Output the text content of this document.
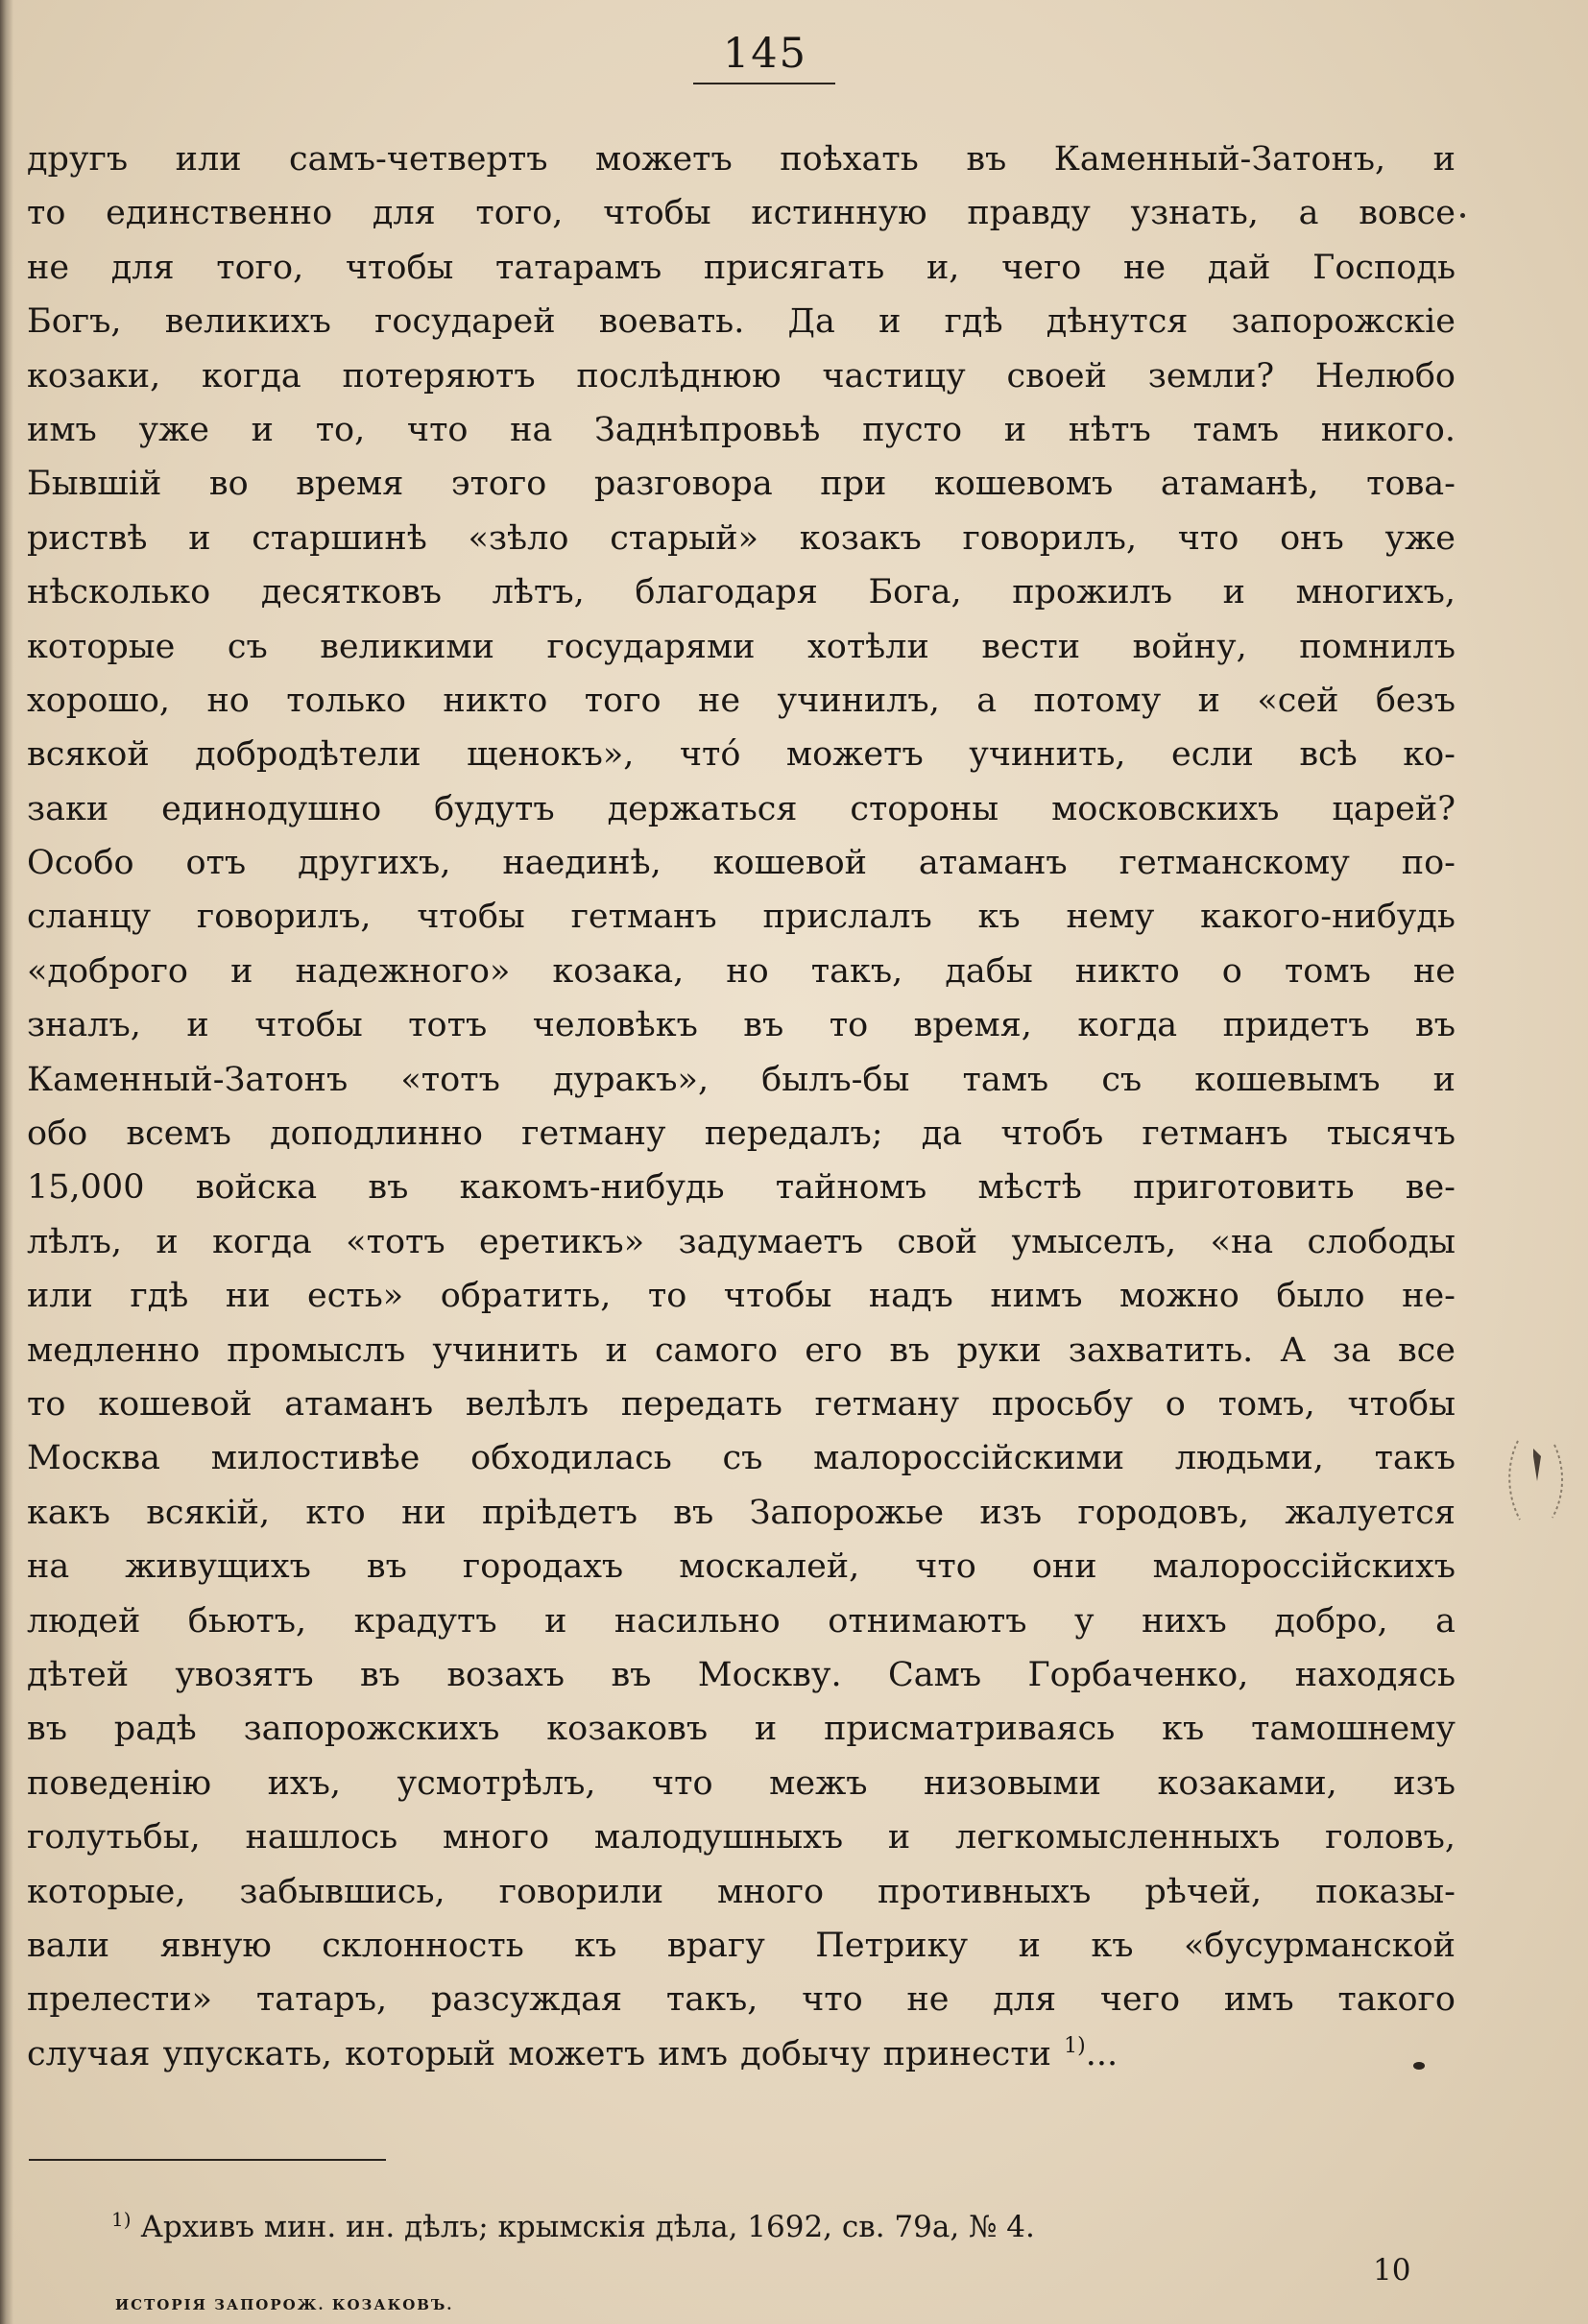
145
другъ или самъ-четвертъ можетъ поѣхать въ Каменный-Затонъ, и
то единственно для того, чтобы истинную правду узнать, а вовсе
не для того, чтобы татарамъ присягать и, чего не дай Господь
Богъ, великихъ государей воевать. Да и гдѣ дѣнутся запорожскіе
козаки, когда потеряютъ послѣднюю частицу своей земли? Нелюбо
имъ уже и то, что на Заднѣпровьѣ пусто и нѣтъ тамъ никого.
Бывшій во время этого разговора при кошевомъ атаманѣ, това-
риствѣ и старшинѣ «зѣло старый» козакъ говорилъ, что онъ уже
нѣсколько десятковъ лѣтъ, благодаря Бога, прожилъ и многихъ,
которые съ великими государями хотѣли вести войну, помнилъ
хорошо, но только никто того не учинилъ, а потому и «сей безъ
всякой добродѣтели щенокъ», что́ можетъ учинить, если всѣ ко-
заки единодушно будутъ держаться стороны московскихъ царей?
Особо отъ другихъ, наединѣ, кошевой атаманъ гетманскому по-
сланцу говорилъ, чтобы гетманъ прислалъ къ нему какого-нибудь
«доброго и надежного» козака, но такъ, дабы никто о томъ не
зналъ, и чтобы тотъ человѣкъ въ то время, когда придетъ въ
Каменный-Затонъ «тотъ дуракъ», былъ-бы тамъ съ кошевымъ и
обо всемъ доподлинно гетману передалъ; да чтобъ гетманъ тысячъ
15,000 войска въ какомъ-нибудь тайномъ мѣстѣ приготовить ве-
лѣлъ, и когда «тотъ еретикъ» задумаетъ свой умыселъ, «на слободы
или гдѣ ни есть» обратить, то чтобы надъ нимъ можно было не-
медленно промыслъ учинить и самого его въ руки захватить. А за все
то кошевой атаманъ велѣлъ передать гетману просьбу о томъ, чтобы
Москва милостивѣе обходилась съ малороссійскими людьми, такъ
какъ всякій, кто ни пріѣдетъ въ Запорожье изъ городовъ, жалуется
на живущихъ въ городахъ москалей, что они малороссійскихъ
людей бьютъ, крадутъ и насильно отнимаютъ у нихъ добро, а
дѣтей увозятъ въ возахъ въ Москву. Самъ Горбаченко, находясь
въ радѣ запорожскихъ козаковъ и присматриваясь къ тамошнему
поведенію ихъ, усмотрѣлъ, что межъ низовыми козаками, изъ
голутьбы, нашлось много малодушныхъ и легкомысленныхъ головъ,
которые, забывшись, говорили много противныхъ рѣчей, показы-
вали явную склонность къ врагу Петрику и къ «бусурманской
прелести» татаръ, разсуждая такъ, что не для чего имъ такого
случая упускать, который можетъ имъ добычу принести $^{1)}$...
$^{1)}$ Архивъ мин. ин. дѣлъ; крымскія дѣла, 1692, св. 79а, № 4.
10
ИСТОРІЯ ЗАПОРОЖ. КОЗАКОВЪ.
